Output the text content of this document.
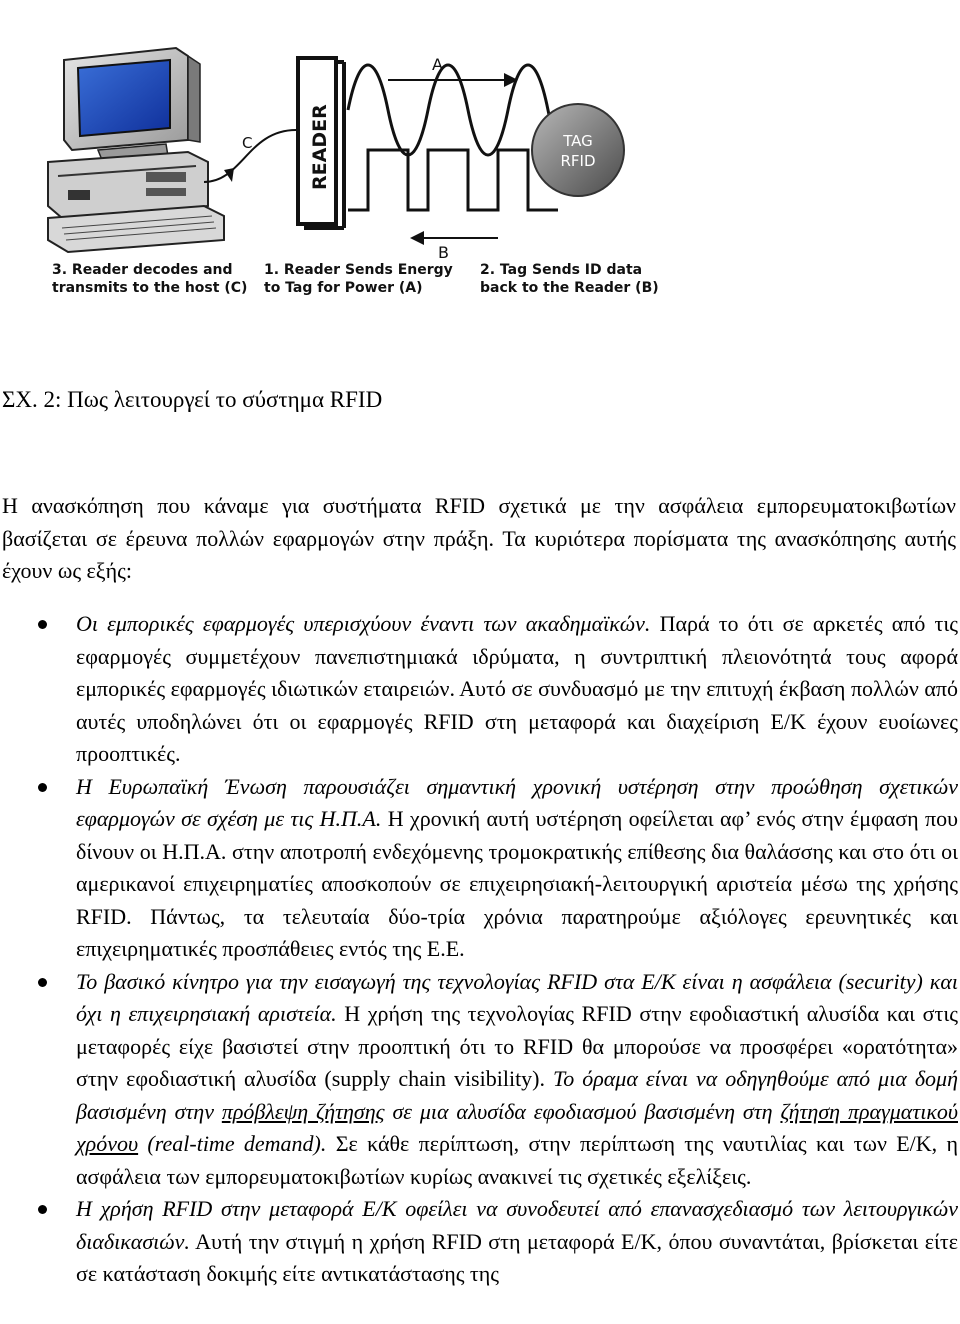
C	READER
A
B
TAG
RFID
3. Reader decodes and
transmits to the host (C)
1. Reader Sends Energy
to Tag for Power (A)
2. Tag Sends ID data
back to the Reader (B)
ΣΧ. 2: Πως λειτουργεί το σύστημα RFID
Η ανασκόπηση που κάναμε για συστήματα RFID σχετικά με την ασφάλεια εμπορευματοκιβωτίων βασίζεται σε έρευνα πολλών εφαρμογών στην πράξη. Τα κυριότερα πορίσματα της ανασκόπησης αυτής έχουν ως εξής:
Οι εμπορικές εφαρμογές υπερισχύουν έναντι των ακαδημαϊκών. Παρά το ότι σε αρκετές από τις εφαρμογές συμμετέχουν πανεπιστημιακά ιδρύματα, η συντριπτική πλειονότητά τους αφορά εμπορικές εφαρμογές ιδιωτικών εταιρειών. Αυτό σε συνδυασμό με την επιτυχή έκβαση πολλών από αυτές υποδηλώνει ότι οι εφαρμογές RFID στη μεταφορά και διαχείριση Ε/Κ έχουν ευοίωνες προοπτικές.
Η Ευρωπαϊκή Ένωση παρουσιάζει σημαντική χρονική υστέρηση στην προώθηση σχετικών εφαρμογών σε σχέση με τις Η.Π.Α. Η χρονική αυτή υστέρηση οφείλεται αφ’ ενός στην έμφαση που δίνουν οι Η.Π.Α. στην αποτροπή ενδεχόμενης τρομοκρατικής επίθεσης δια θαλάσσης και στο ότι οι αμερικανοί επιχειρηματίες αποσκοπούν σε επιχειρησιακή-λειτουργική αριστεία μέσω της χρήσης RFID. Πάντως, τα τελευταία δύο-τρία χρόνια παρατηρούμε αξιόλογες ερευνητικές και επιχειρηματικές προσπάθειες εντός της Ε.Ε.
Το βασικό κίνητρο για την εισαγωγή της τεχνολογίας RFID στα Ε/Κ είναι η ασφάλεια (security) και όχι η επιχειρησιακή αριστεία. Η χρήση της τεχνολογίας RFID στην εφοδιαστική αλυσίδα και στις μεταφορές είχε βασιστεί στην προοπτική ότι το RFID θα μπορούσε να προσφέρει «ορατότητα» στην εφοδιαστική αλυσίδα (supply chain visibility). Το όραμα είναι να οδηγηθούμε από μια δομή βασισμένη στην πρόβλεψη ζήτησης σε μια αλυσίδα εφοδιασμού βασισμένη στη ζήτηση πραγματικού χρόνου (real-time demand). Σε κάθε περίπτωση, στην περίπτωση της ναυτιλίας και των Ε/Κ, η ασφάλεια των εμπορευματοκιβωτίων κυρίως ανακινεί τις σχετικές εξελίξεις.
Η χρήση RFID στην μεταφορά Ε/Κ οφείλει να συνοδευτεί από επανασχεδιασμό των λειτουργικών διαδικασιών. Αυτή την στιγμή η χρήση RFID στη μεταφορά Ε/Κ, όπου συναντάται, βρίσκεται είτε σε κατάσταση δοκιμής είτε αντικατάστασης της
